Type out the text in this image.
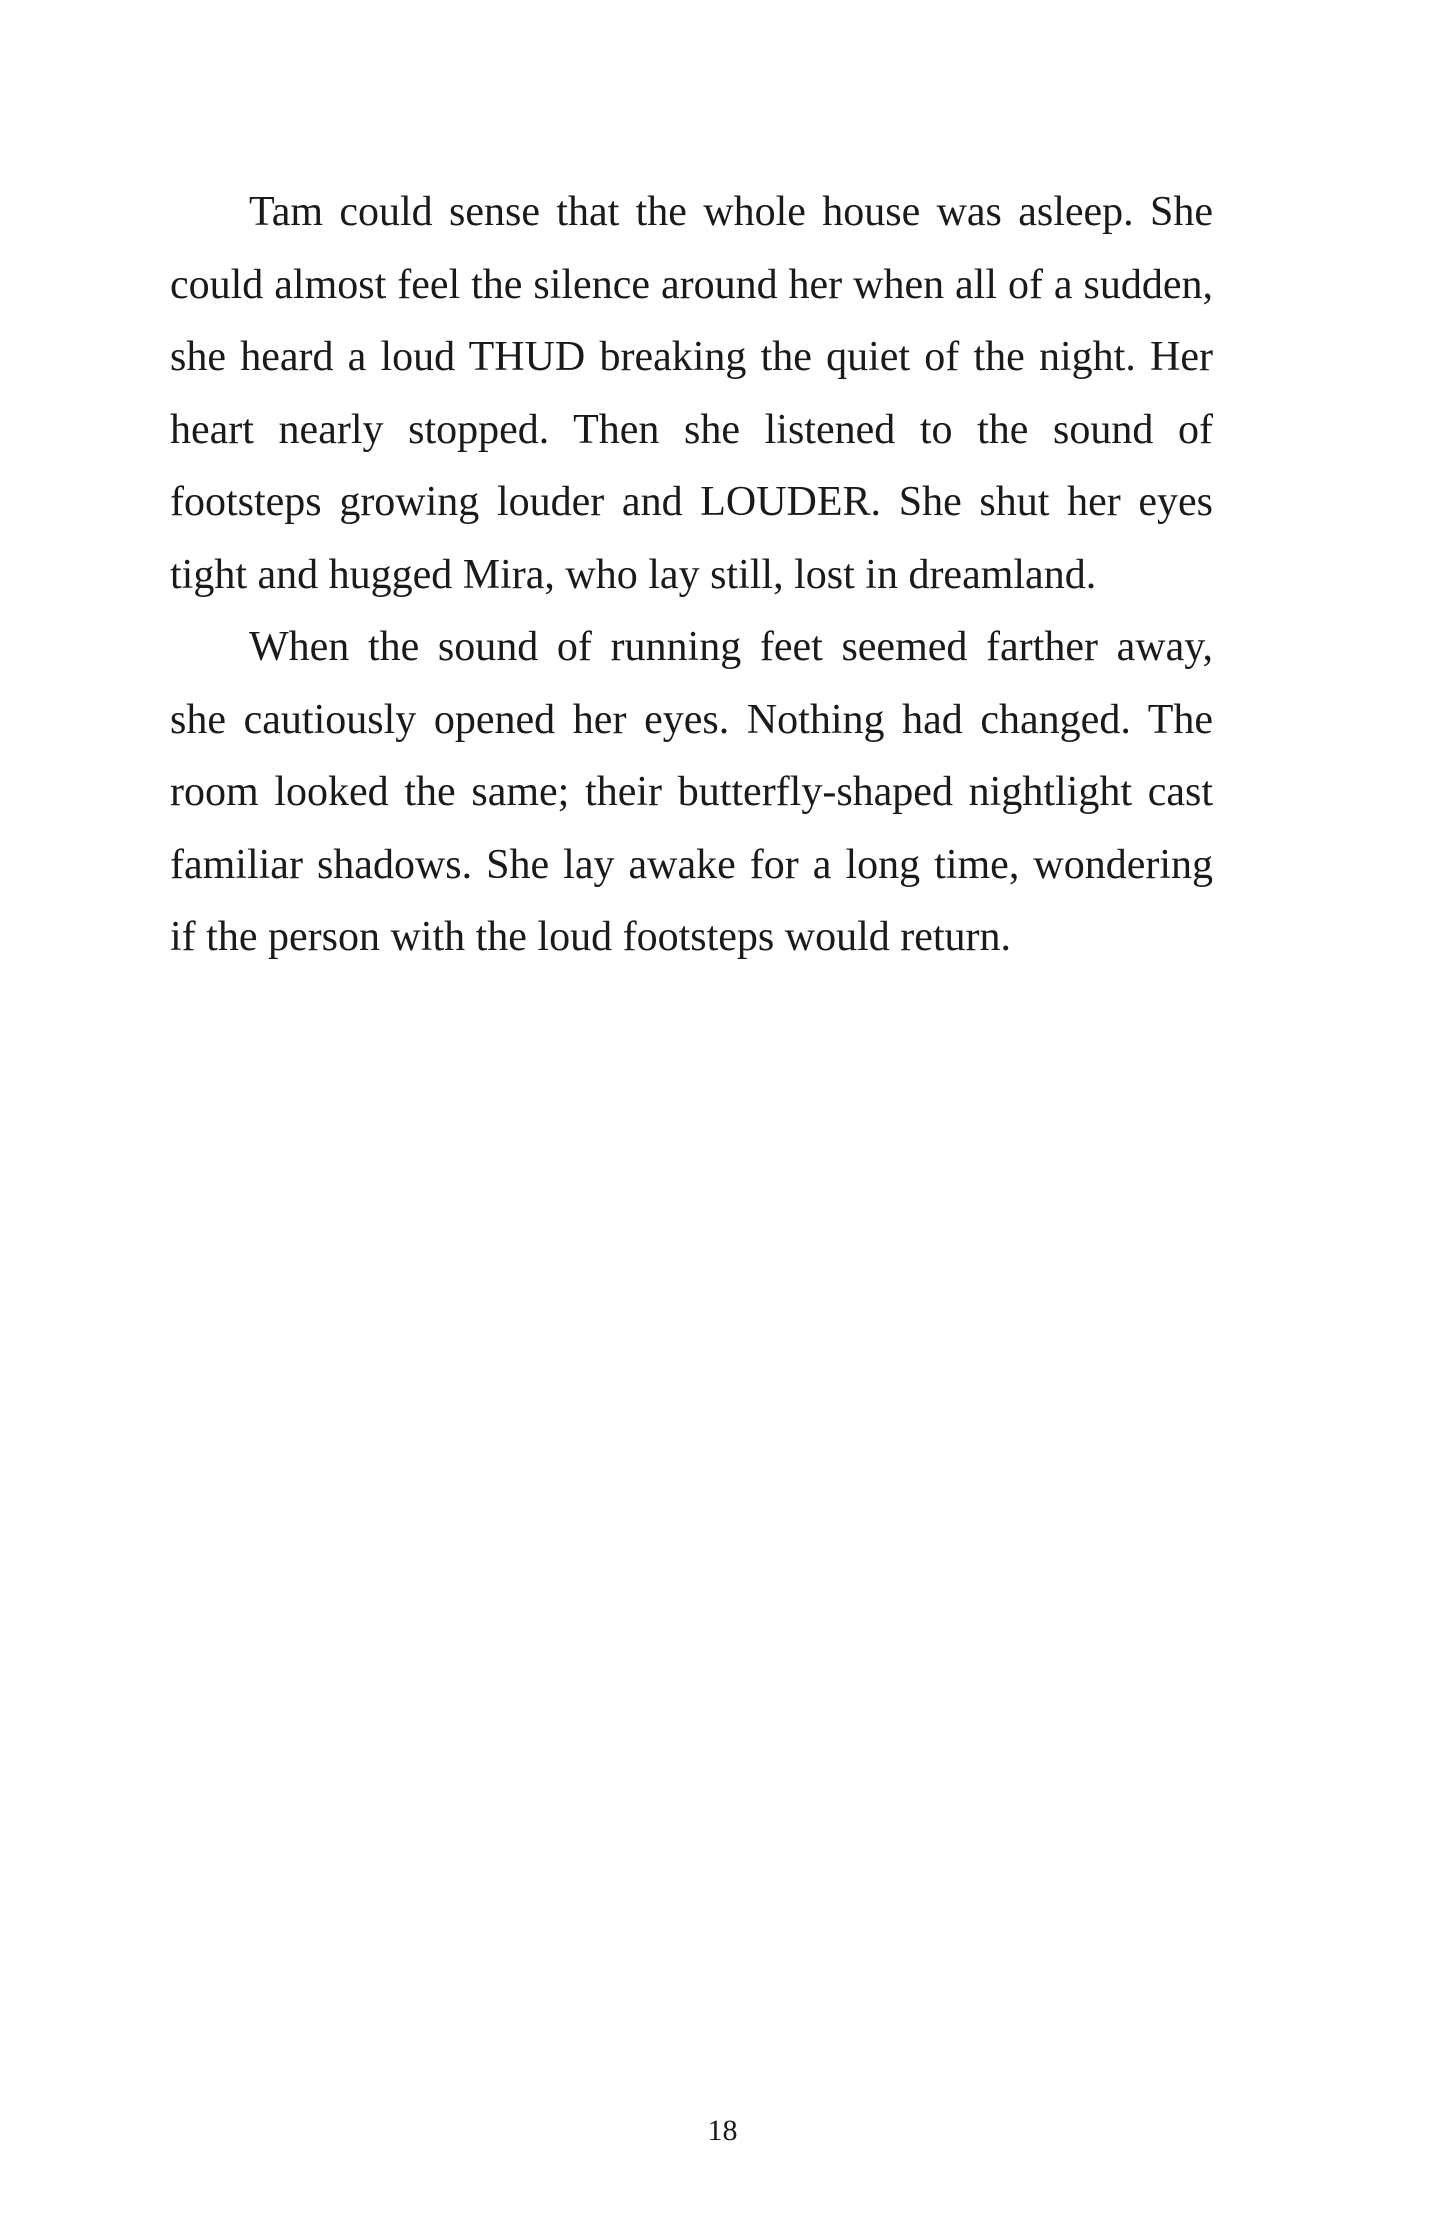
Tam could sense that the whole house was asleep. She could almost feel the silence around her when all of a sudden, she heard a loud THUD breaking the quiet of the night. Her heart nearly stopped. Then she listened to the sound of footsteps growing louder and LOUDER. She shut her eyes tight and hugged Mira, who lay still, lost in dreamland.

When the sound of running feet seemed farther away, she cautiously opened her eyes. Nothing had changed. The room looked the same; their butterfly-shaped nightlight cast familiar shadows. She lay awake for a long time, wondering if the person with the loud footsteps would return.

18
